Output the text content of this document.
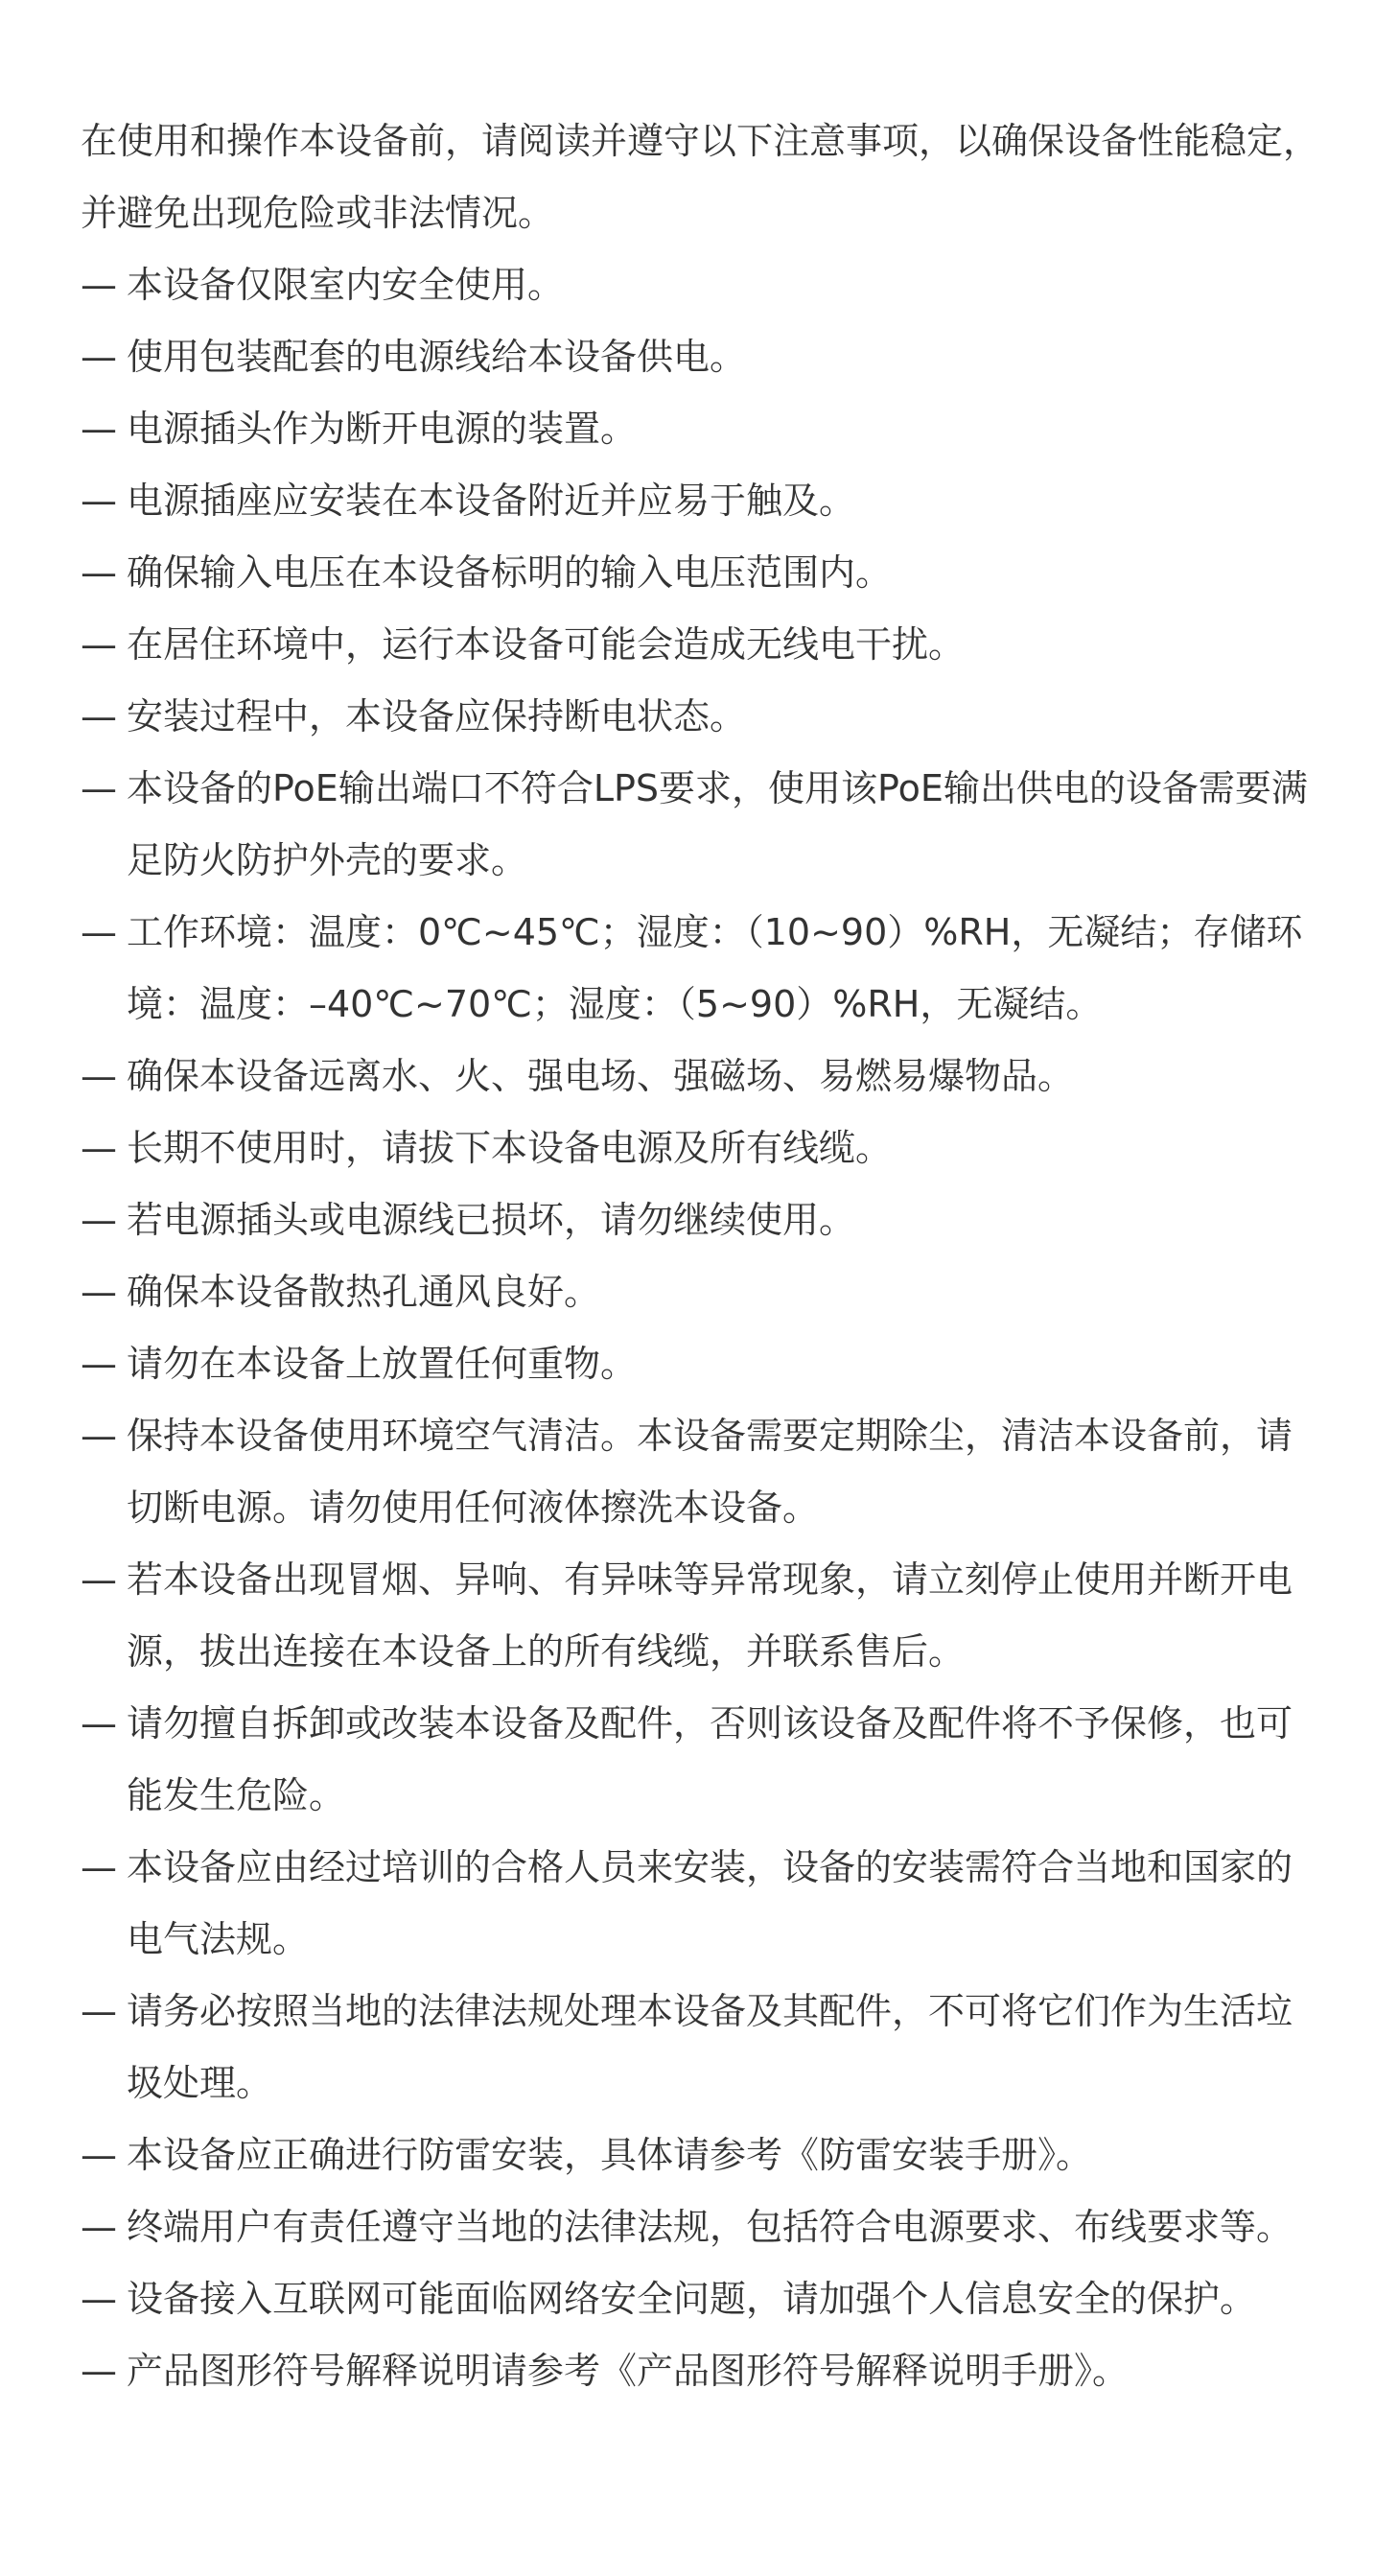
在使用和操作本设备前，请阅读并遵守以下注意事项，以确保设备性能稳定，并避免出现危险或非法情况。

— 本设备仅限室内安全使用。
— 使用包装配套的电源线给本设备供电。
— 电源插头作为断开电源的装置。
— 电源插座应安装在本设备附近并应易于触及。
— 确保输入电压在本设备标明的输入电压范围内。
— 在居住环境中，运行本设备可能会造成无线电干扰。
— 安装过程中，本设备应保持断电状态。
— 本设备的PoE输出端口不符合LPS要求，使用该PoE输出供电的设备需要满足防火防护外壳的要求。
— 工作环境：温度：0℃~45℃；湿度：（10~90）%RH，无凝结；存储环境：温度：–40℃~70℃；湿度：（5~90）%RH，无凝结。
— 确保本设备远离水、火、强电场、强磁场、易燃易爆物品。
— 长期不使用时，请拔下本设备电源及所有线缆。
— 若电源插头或电源线已损坏，请勿继续使用。
— 确保本设备散热孔通风良好。
— 请勿在本设备上放置任何重物。
— 保持本设备使用环境空气清洁。本设备需要定期除尘，清洁本设备前，请切断电源。请勿使用任何液体擦洗本设备。
— 若本设备出现冒烟、异响、有异味等异常现象，请立刻停止使用并断开电源，拔出连接在本设备上的所有线缆，并联系售后。
— 请勿擅自拆卸或改装本设备及配件，否则该设备及配件将不予保修，也可能发生危险。
— 本设备应由经过培训的合格人员来安装，设备的安装需符合当地和国家的电气法规。
— 请务必按照当地的法律法规处理本设备及其配件，不可将它们作为生活垃圾处理。
— 本设备应正确进行防雷安装，具体请参考《防雷安装手册》。
— 终端用户有责任遵守当地的法律法规，包括符合电源要求、布线要求等。
— 设备接入互联网可能面临网络安全问题，请加强个人信息安全的保护。
— 产品图形符号解释说明请参考《产品图形符号解释说明手册》。
